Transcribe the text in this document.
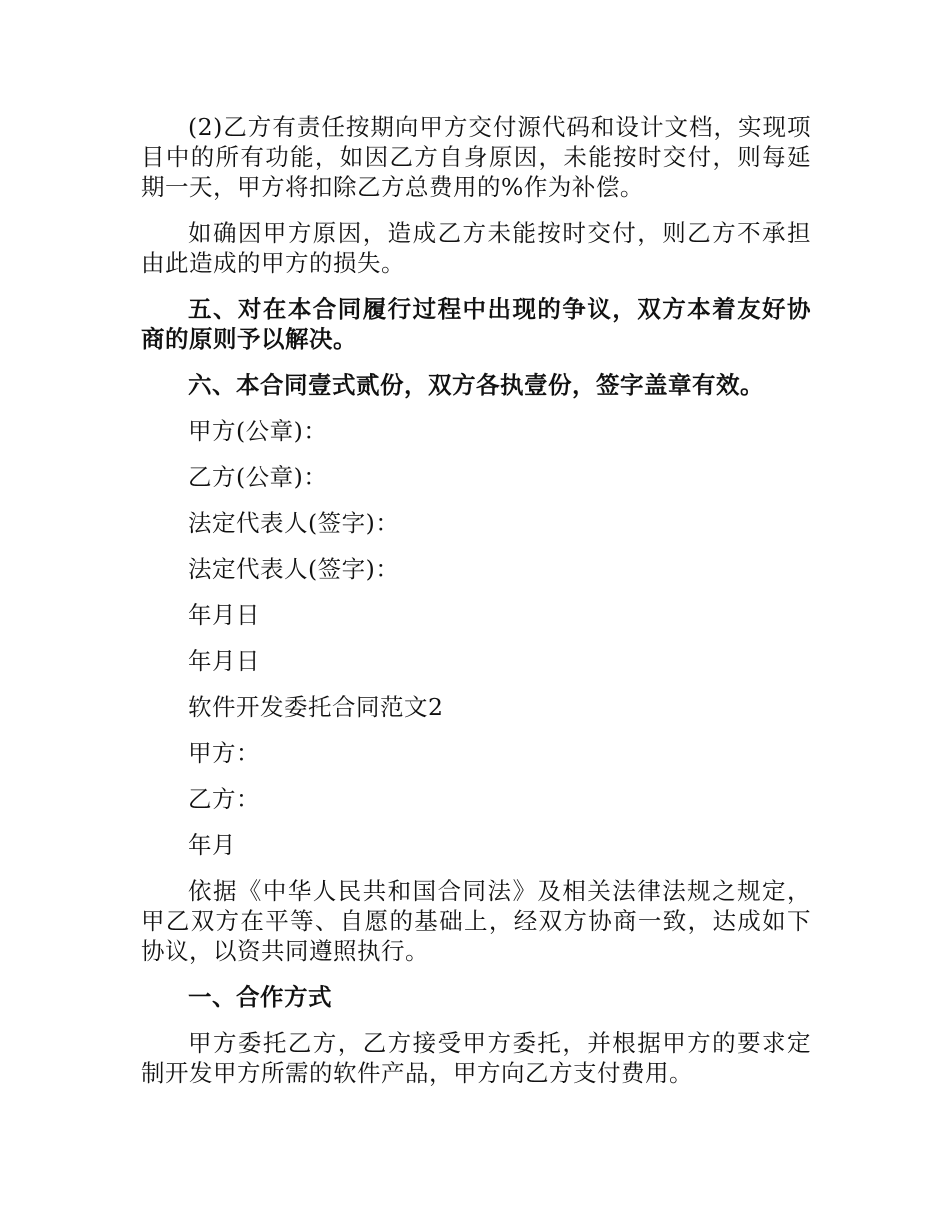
(2)乙方有责任按期向甲方交付源代码和设计文档，实现项目中的所有功能，如因乙方自身原因，未能按时交付，则每延期一天，甲方将扣除乙方总费用的%作为补偿。

如确因甲方原因，造成乙方未能按时交付，则乙方不承担由此造成的甲方的损失。

五、对在本合同履行过程中出现的争议，双方本着友好协商的原则予以解决。

六、本合同壹式贰份，双方各执壹份，签字盖章有效。

甲方(公章)：

乙方(公章)：

法定代表人(签字)：

法定代表人(签字)：

年月日

年月日

软件开发委托合同范文2

甲方：

乙方：

年月

依据《中华人民共和国合同法》及相关法律法规之规定，甲乙双方在平等、自愿的基础上，经双方协商一致，达成如下协议，以资共同遵照执行。

一、合作方式

甲方委托乙方，乙方接受甲方委托，并根据甲方的要求定制开发甲方所需的软件产品，甲方向乙方支付费用。
